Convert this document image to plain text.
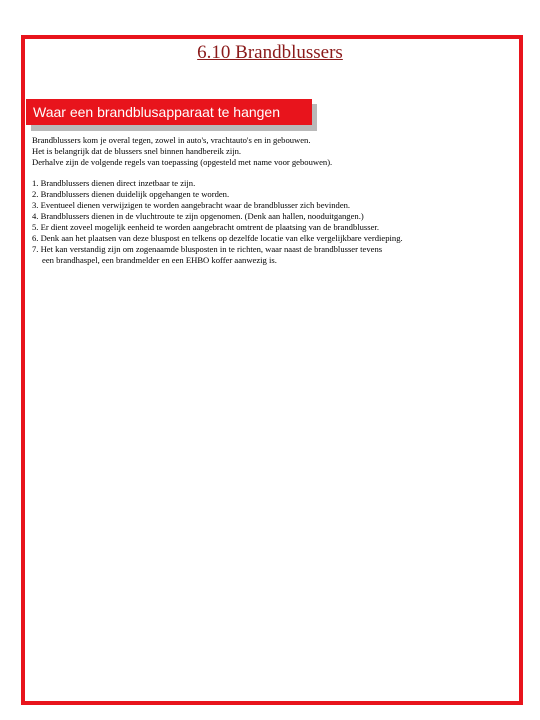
6.10 Brandblussers
Waar een brandblusapparaat te hangen
Brandblussers kom je overal tegen, zowel in auto's, vrachtauto's en in gebouwen.
Het is belangrijk dat de blussers snel binnen handbereik zijn.
Derhalve zijn de volgende regels van toepassing (opgesteld met name voor gebouwen).
1. Brandblussers dienen direct inzetbaar te zijn.
2. Brandblussers dienen duidelijk opgehangen te worden.
3. Eventueel dienen verwijzigen te worden aangebracht waar de brandblusser zich bevinden.
4. Brandblussers dienen in de vluchtroute te zijn opgenomen. (Denk aan hallen, nooduitgangen.)
5. Er dient zoveel mogelijk eenheid te worden aangebracht omtrent de plaatsing van de brandblusser.
6. Denk aan het plaatsen van deze bluspost en telkens op dezelfde locatie van elke vergelijkbare verdieping.
7. Het kan verstandig zijn om zogenaamde blusposten in te richten, waar naast de brandblusser tevens
een brandhaspel, een brandmelder en een EHBO koffer aanwezig is.
